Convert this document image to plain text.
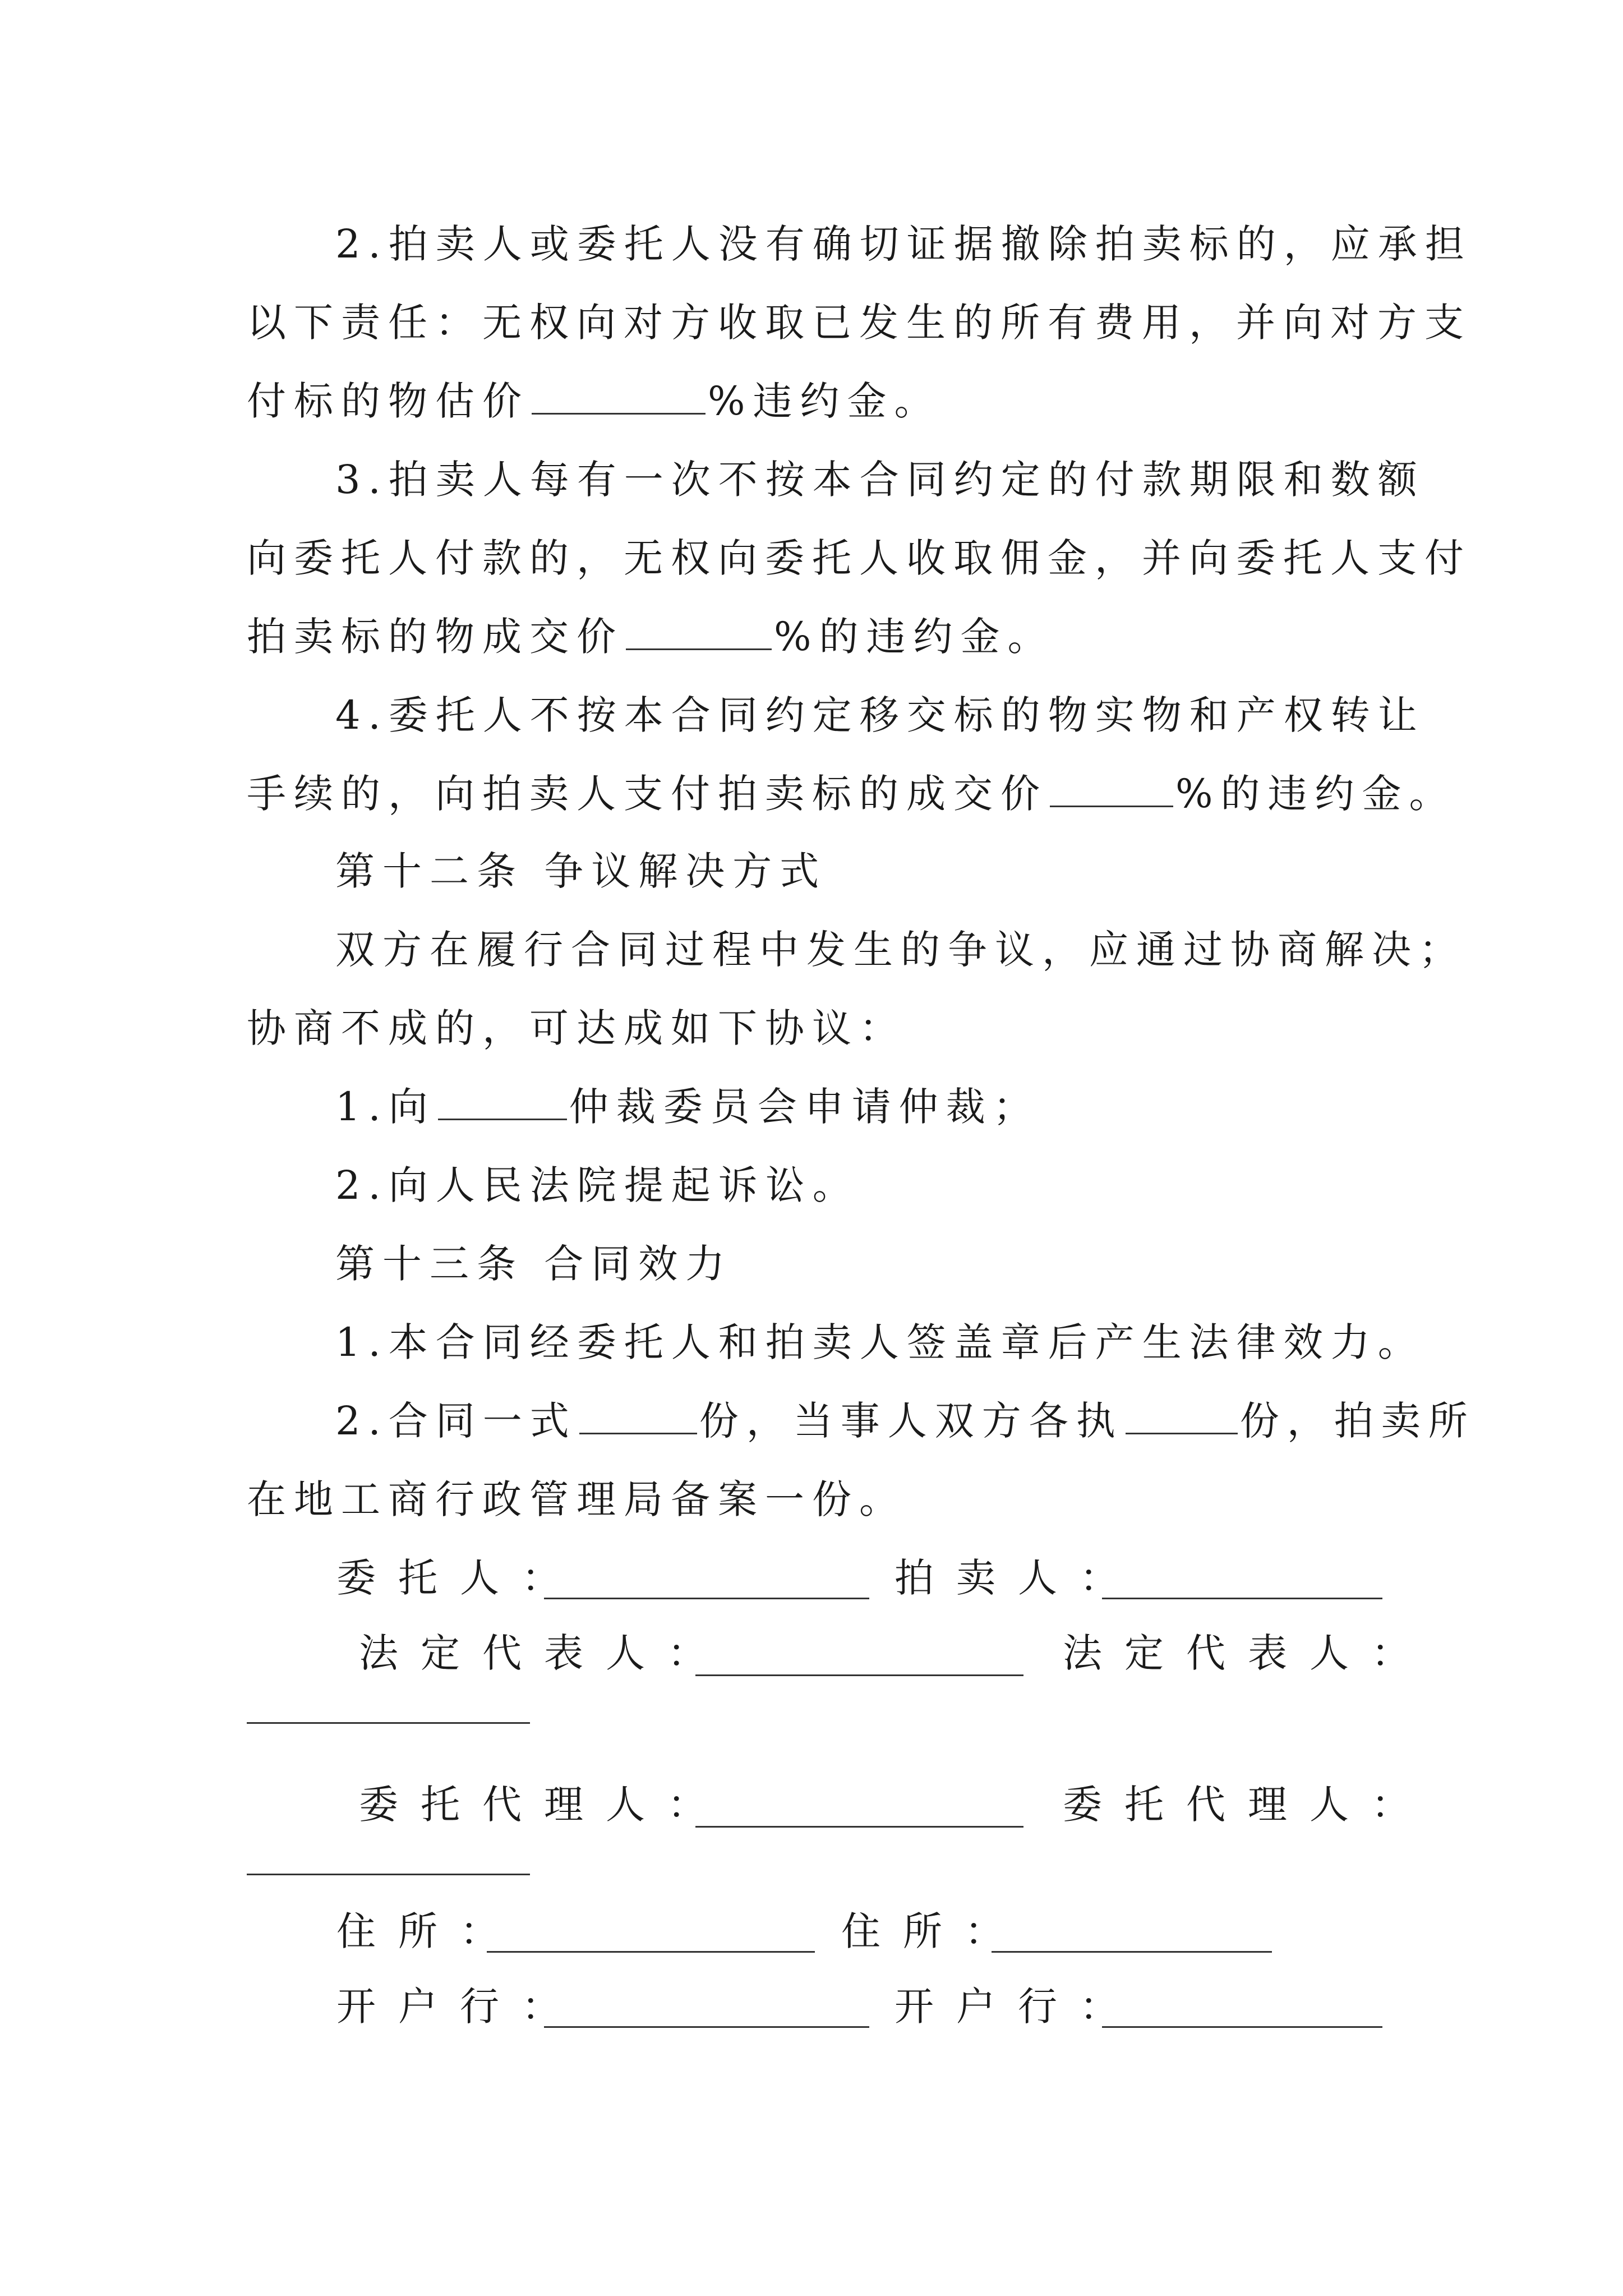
2.拍卖人或委托人没有确切证据撤除拍卖标的，应承担
以下责任：无权向对方收取已发生的所有费用，并向对方支
付标的物估价	%违约金。
3.拍卖人每有一次不按本合同约定的付款期限和数额
向委托人付款的，无权向委托人收取佣金，并向委托人支付
拍卖标的物成交价	%的违约金。
4.委托人不按本合同约定移交标的物实物和产权转让
手续的，向拍卖人支付拍卖标的成交价	%的违约金。
第十二条 争议解决方式
双方在履行合同过程中发生的争议，应通过协商解决；
协商不成的，可达成如下协议：
1.向	仲裁委员会申请仲裁；
2.向人民法院提起诉讼。
第十三条 合同效力
1.本合同经委托人和拍卖人签盖章后产生法律效力。
2.合同一式	份，当事人双方各执	份，拍卖所
在地工商行政管理局备案一份。
委托人：	拍卖人：
法定代表人：	法定代表人：
委托代理人：	委托代理人：
住所：	住所：
开户行：	开户行：
